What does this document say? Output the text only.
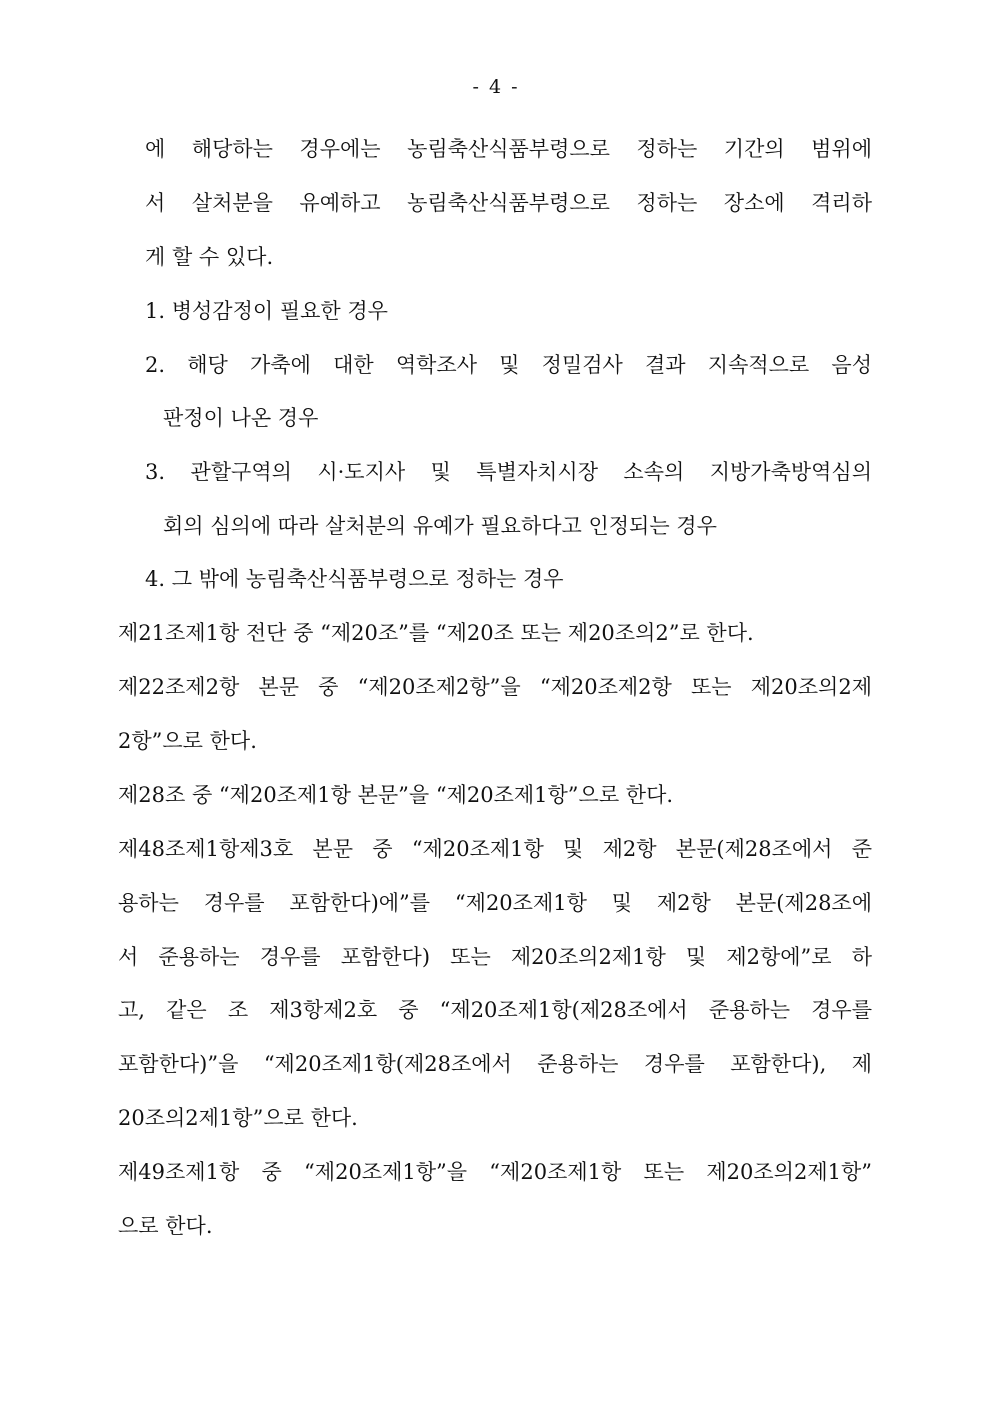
- 4 -
에 해당하는 경우에는 농림축산식품부령으로 정하는 기간의 범위에
서 살처분을 유예하고 농림축산식품부령으로 정하는 장소에 격리하
게 할 수 있다.
1. 병성감정이 필요한 경우
2. 해당 가축에 대한 역학조사 및 정밀검사 결과 지속적으로 음성
판정이 나온 경우
3. 관할구역의 시·도지사 및 특별자치시장 소속의 지방가축방역심의
회의 심의에 따라 살처분의 유예가 필요하다고 인정되는 경우
4. 그 밖에 농림축산식품부령으로 정하는 경우
제21조제1항 전단 중 “제20조”를 “제20조 또는 제20조의2”로 한다.
제22조제2항 본문 중 “제20조제2항”을 “제20조제2항 또는 제20조의2제
2항”으로 한다.
제28조 중 “제20조제1항 본문”을 “제20조제1항”으로 한다.
제48조제1항제3호 본문 중 “제20조제1항 및 제2항 본문(제28조에서 준
용하는 경우를 포함한다)에”를 “제20조제1항 및 제2항 본문(제28조에
서 준용하는 경우를 포함한다) 또는 제20조의2제1항 및 제2항에”로 하
고, 같은 조 제3항제2호 중 “제20조제1항(제28조에서 준용하는 경우를
포함한다)”을 “제20조제1항(제28조에서 준용하는 경우를 포함한다), 제
20조의2제1항”으로 한다.
제49조제1항 중 “제20조제1항”을 “제20조제1항 또는 제20조의2제1항”
으로 한다.
